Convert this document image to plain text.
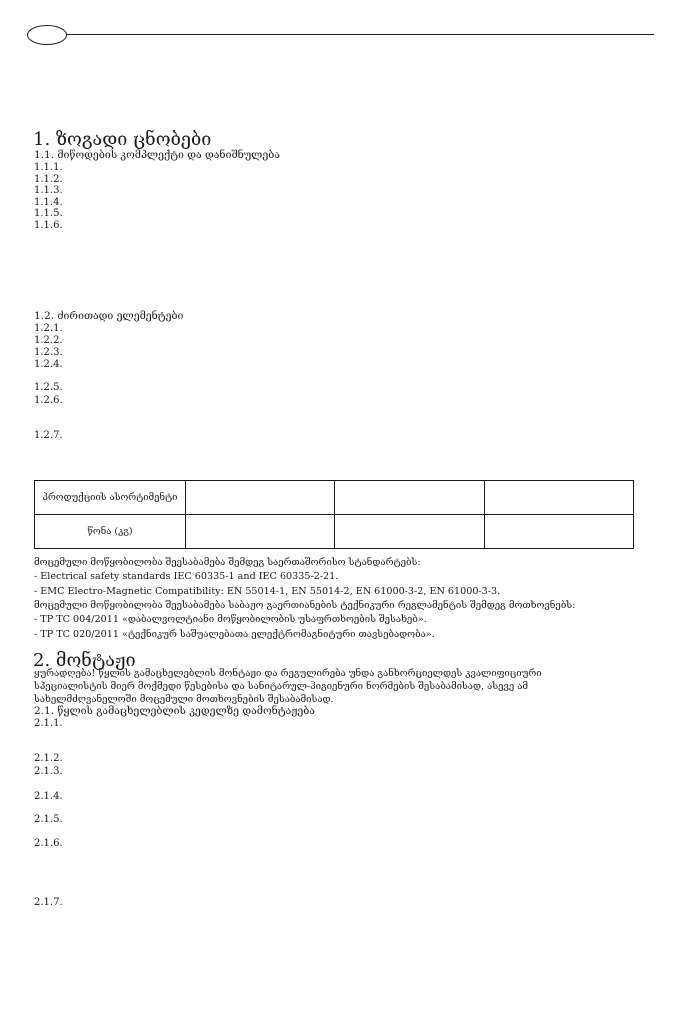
1. ზოგადი ცნობები
1.1. მიწოდების კომპლექტი და დანიშნულება
1.1.1.
1.1.2.
1.1.3.
1.1.4.
1.1.5.
1.1.6.
1.2. ძირითადი ელემენტები
1.2.1.
1.2.2.
1.2.3.
1.2.4.
1.2.5.
1.2.6.
1.2.7.
პროდუქციის ასორტიმენტი			
წონა (კგ)			
მოცემული მოწყობილობა შეესაბამება შემდეგ საერთაშორისო სტანდარტებს:
- Electrical safety standards IEC 60335-1 and IEC 60335-2-21.
- EMC Electro-Magnetic Compatibility: EN 55014-1, EN 55014-2, EN 61000-3-2, EN 61000-3-3.
მოცემული მოწყობილობა შეესაბამება საბაჟო გაერთიანების ტექნიკური რეგლამენტის შემდეგ მოთხოვნებს:
- TP TC 004/2011 «დაბალვოლტიანი მოწყობილობის უსაფრთხოების შესახებ».
- TP TC 020/2011 «ტექნიკურ საშუალებათა ელექტრომაგნიტური თავსებადობა».
2. მონტაჟი
ყურადღება! წყლის გამაცხელებლის მონტაჟი და რეგულირება უნდა განხორციელდეს კვალიფიციური
სპეციალისტის მიერ მოქმედი წესებისა და სანიტარულ-ჰიგიენური ნორმების შესაბამისად, ასევე ამ
სახელმძღვანელოში მოცემული მოთხოვნების შესაბამისად.
2.1. წყლის გამაცხელებლის კედელზე დამონტაჟება
2.1.1.
2.1.2.
2.1.3.
2.1.4.
2.1.5.
2.1.6.
2.1.7.
